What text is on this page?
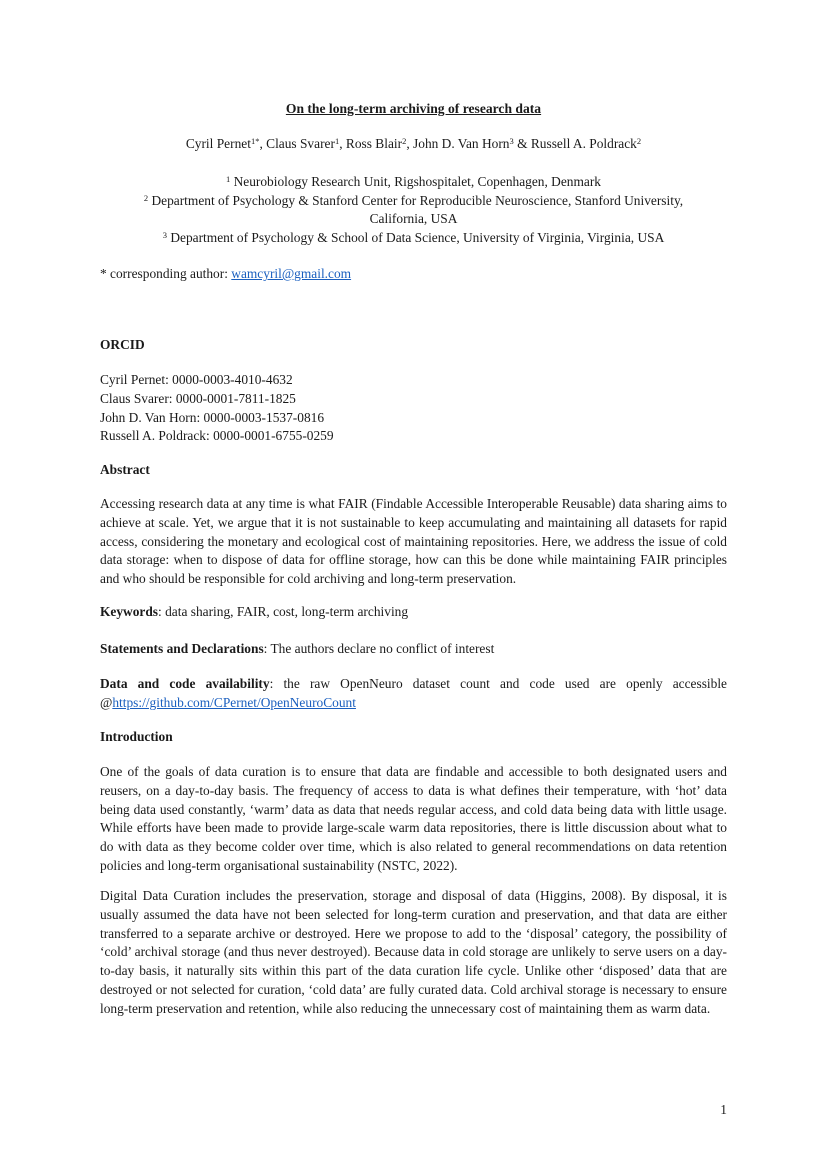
On the long-term archiving of research data
Cyril Pernet$^{1*}$, Claus Svarer$^1$, Ross Blair$^2$, John D. Van Horn$^3$ & Russell A. Poldrack$^2$
$^1$ Neurobiology Research Unit, Rigshospitalet, Copenhagen, Denmark
$^2$ Department of Psychology & Stanford Center for Reproducible Neuroscience, Stanford University,
California, USA
$^3$ Department of Psychology & School of Data Science, University of Virginia, Virginia, USA
* corresponding author: wamcyril@gmail.com
ORCID
Cyril Pernet: 0000-0003-4010-4632
Claus Svarer: 0000-0001-7811-1825
John D. Van Horn: 0000-0003-1537-0816
Russell A. Poldrack: 0000-0001-6755-0259
Abstract
Accessing research data at any time is what FAIR (Findable Accessible Interoperable Reusable) data sharing aims to achieve at scale. Yet, we argue that it is not sustainable to keep accumulating and maintaining all datasets for rapid access, considering the monetary and ecological cost of maintaining repositories. Here, we address the issue of cold data storage: when to dispose of data for offline storage, how can this be done while maintaining FAIR principles and who should be responsible for cold archiving and long-term preservation.
Keywords: data sharing, FAIR, cost, long-term archiving
Statements and Declarations: The authors declare no conflict of interest
Data and code availability: the raw OpenNeuro dataset count and code used are openly accessible
@https://github.com/CPernet/OpenNeuroCount
Introduction
One of the goals of data curation is to ensure that data are findable and accessible to both designated users and reusers, on a day-to-day basis. The frequency of access to data is what defines their temperature, with ‘hot’ data being data used constantly, ‘warm’ data as data that needs regular access, and cold data being data with little usage. While efforts have been made to provide large-scale warm data repositories, there is little discussion about what to do with data as they become colder over time, which is also related to general recommendations on data retention policies and long-term organisational sustainability (NSTC, 2022).
Digital Data Curation includes the preservation, storage and disposal of data (Higgins, 2008). By disposal, it is usually assumed the data have not been selected for long-term curation and preservation, and that data are either transferred to a separate archive or destroyed. Here we propose to add to the ‘disposal’ category, the possibility of ‘cold’ archival storage (and thus never destroyed). Because data in cold storage are unlikely to serve users on a day-to-day basis, it naturally sits within this part of the data curation life cycle. Unlike other ‘disposed’ data that are destroyed or not selected for curation, ‘cold data’ are fully curated data. Cold archival storage is necessary to ensure long-term preservation and retention, while also reducing the unnecessary cost of maintaining them as warm data.
1
